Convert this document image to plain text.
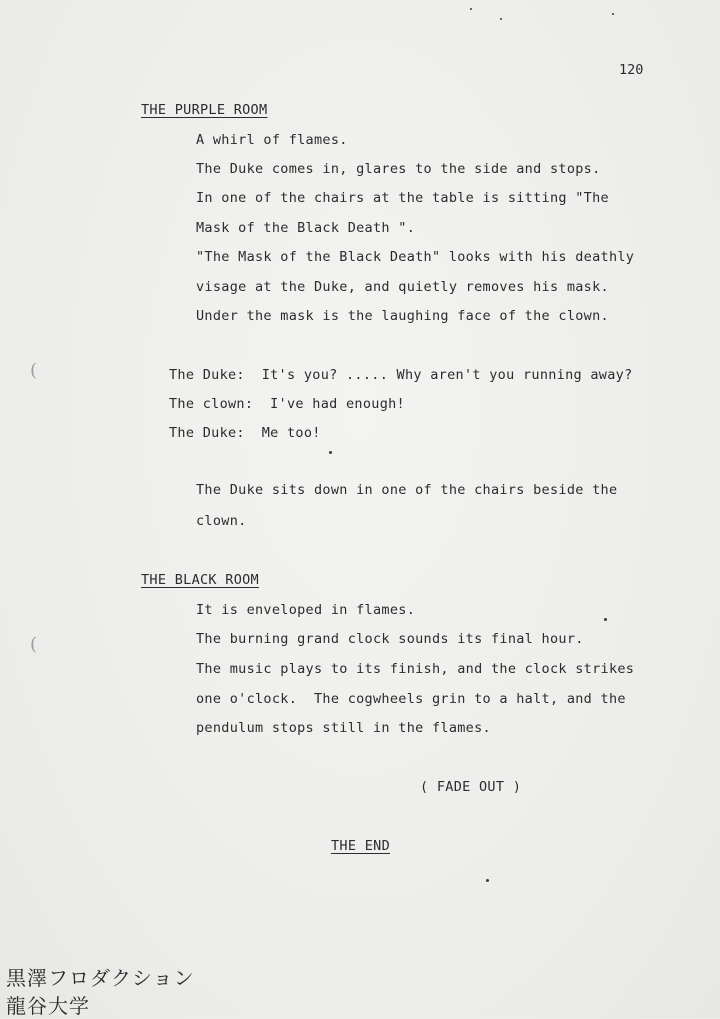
120
THE PURPLE ROOM
A whirl of flames.
The Duke comes in, glares to the side and stops.
In one of the chairs at the table is sitting "The
Mask of the Black Death ".
"The Mask of the Black Death" looks with his deathly
visage at the Duke, and quietly removes his mask.
Under the mask is the laughing face of the clown.
The Duke:  It's you? ..... Why aren't you running away?
The clown:  I've had enough!
The Duke:  Me too!
The Duke sits down in one of the chairs beside the
clown.
THE BLACK ROOM
It is enveloped in flames.
The burning grand clock sounds its final hour.
The music plays to its finish, and the clock strikes
one o'clock.  The cogwheels grin to a halt, and the
pendulum stops still in the flames.
( FADE OUT )
THE END
(
(
黒澤フロダクション
龍谷大学
